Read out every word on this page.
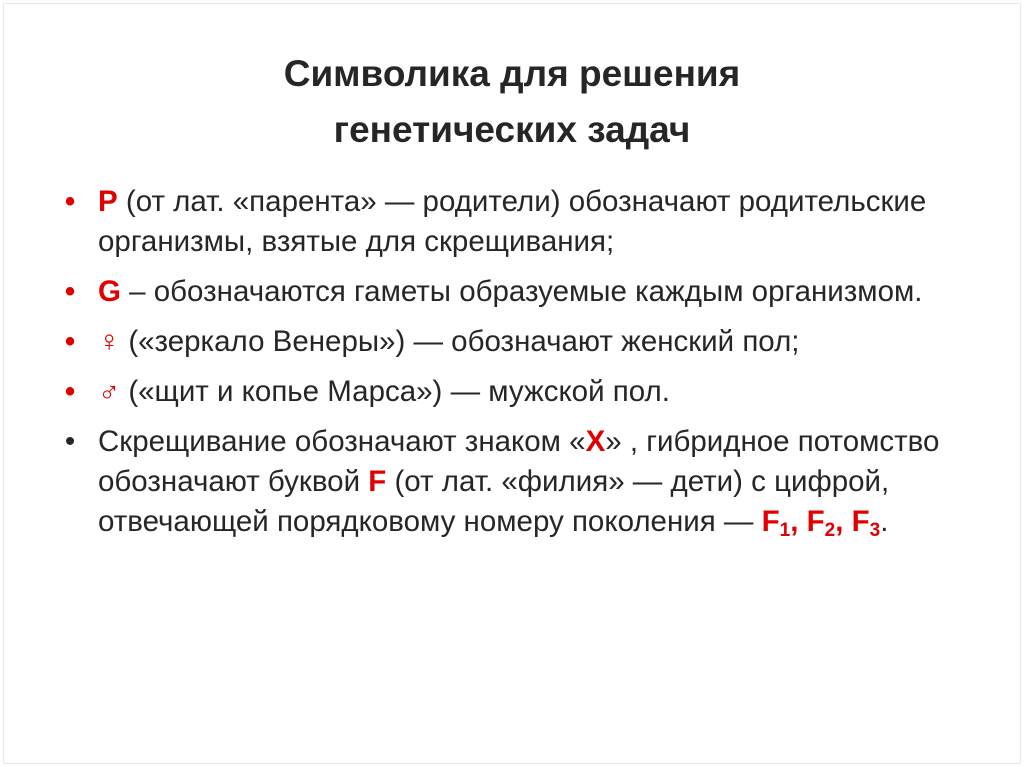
Символика для решения
генетических задач
• P (от лат. «парента» — родители) обозначают родительские организмы, взятые для скрещивания;
• G – обозначаются гаметы образуемые каждым организмом.
• ♀ («зеркало Венеры») — обозначают женский пол;
• ♂ («щит и копье Марса») — мужской пол.
• Скрещивание обозначают знаком «X» , гибридное потомство обозначают буквой F (от лат. «филия» — дети) с цифрой, отвечающей порядковому номеру поколения — $F_1$, $F_2$, $F_3$.
